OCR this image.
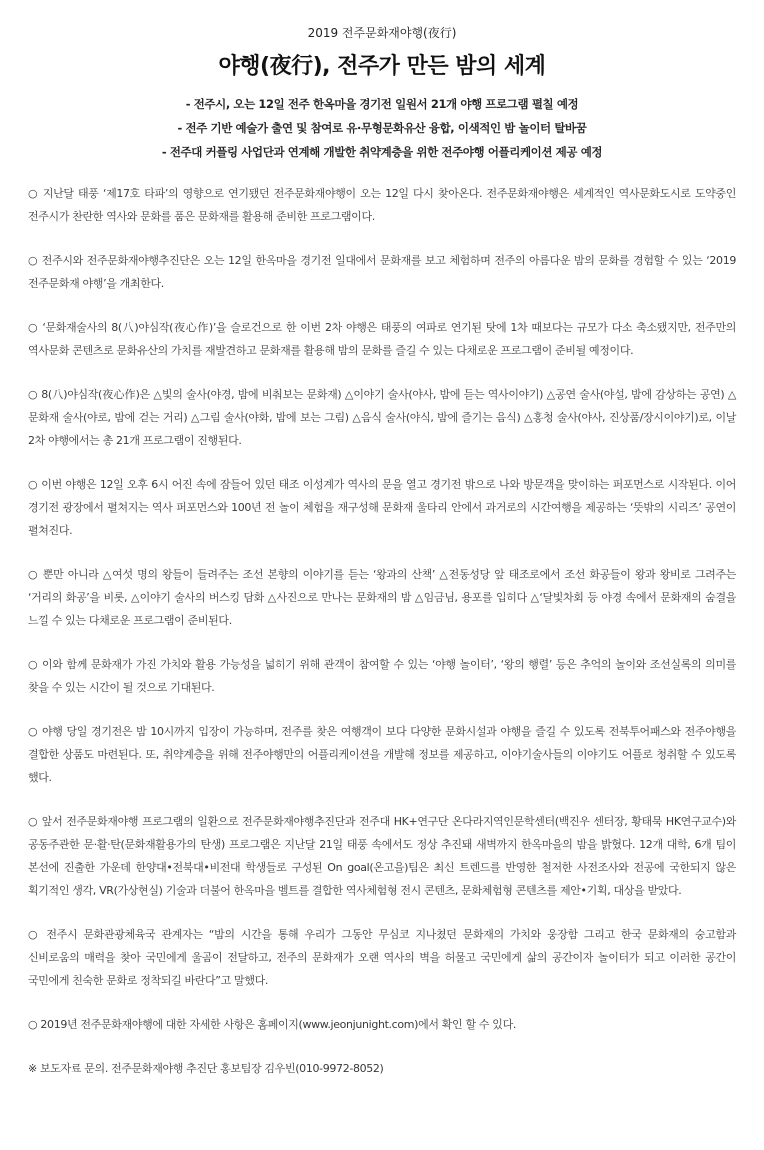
2019 전주문화재야행(夜行)
야행(夜行), 전주가 만든 밤의 세계
- 전주시, 오는 12일 전주 한옥마을 경기전 일원서 21개 야행 프로그램 펼칠 예정
- 전주 기반 예술가 출연 및 참여로 유·무형문화유산 융합, 이색적인 밤 놀이터 탈바꿈
- 전주대 커플링 사업단과 연계해 개발한 취약계층을 위한 전주야행 어플리케이션 제공 예정

○ 지난달 태풍 ‘제17호 타파’의 영향으로 연기됐던 전주문화재야행이 오는 12일 다시 찾아온다. 전주문화재야행은 세계적인 역사문화도시로 도약중인 전주시가 찬란한 역사와 문화를 품은 문화재를 활용해 준비한 프로그램이다.

○ 전주시와 전주문화재야행추진단은 오는 12일 한옥마을 경기전 일대에서 문화재를 보고 체험하며 전주의 아름다운 밤의 문화를 경험할 수 있는 ‘2019 전주문화재 야행’을 개최한다.

○ ‘문화재술사의 8(八)야심작(夜心作)’을 슬로건으로 한 이번 2차 야행은 태풍의 여파로 연기된 탓에 1차 때보다는 규모가 다소 축소됐지만, 전주만의 역사문화 콘텐츠로 문화유산의 가치를 재발견하고 문화재를 활용해 밤의 문화를 즐길 수 있는 다채로운 프로그램이 준비될 예정이다.

○ 8(八)야심작(夜心作)은 △빛의 술사(야경, 밤에 비춰보는 문화재) △이야기 술사(야사, 밤에 듣는 역사이야기) △공연 술사(야설, 밤에 감상하는 공연) △문화재 술사(야로, 밤에 걷는 거리) △그림 술사(야화, 밤에 보는 그림) △음식 술사(야식, 밤에 즐기는 음식) △홍청 술사(야사, 진상품/장시이야기)로, 이날 2차 야행에서는 총 21개 프로그램이 진행된다.

○ 이번 야행은 12일 오후 6시 어진 속에 잠들어 있던 태조 이성계가 역사의 문을 열고 경기전 밖으로 나와 방문객을 맞이하는 퍼포먼스로 시작된다. 이어 경기전 광장에서 펼쳐지는 역사 퍼포먼스와 100년 전 놀이 체험을 재구성해 문화재 울타리 안에서 과거로의 시간여행을 제공하는 ‘뜻밖의 시리즈’ 공연이 펼쳐진다.

○ 뿐만 아니라 △여섯 명의 왕들이 들려주는 조선 본향의 이야기를 듣는 ‘왕과의 산책’ △전동성당 앞 태조로에서 조선 화공들이 왕과 왕비로 그려주는 ‘거리의 화공’을 비롯, △이야기 술사의 버스킹 담화 △사진으로 만나는 문화재의 밤 △임금님, 용포를 입히다 △‘달빛차회 등 야경 속에서 문화재의 숨결을 느낄 수 있는 다채로운 프로그램이 준비된다.

○ 이와 함께 문화재가 가진 가치와 활용 가능성을 넓히기 위해 관객이 참여할 수 있는 ‘야행 놀이터’, ‘왕의 행렬’ 등은 추억의 놀이와 조선실록의 의미를 찾을 수 있는 시간이 될 것으로 기대된다.

○ 야행 당일 경기전은 밤 10시까지 입장이 가능하며, 전주를 찾은 여행객이 보다 다양한 문화시설과 야행을 즐길 수 있도록 전북투어패스와 전주야행을 결합한 상품도 마련된다. 또, 취약계층을 위해 전주야행만의 어플리케이션을 개발해 정보를 제공하고, 이야기술사들의 이야기도 어플로 청취할 수 있도록 했다.

○ 앞서 전주문화재야행 프로그램의 일환으로 전주문화재야행추진단과 전주대 HK+연구단 온다라지역인문학센터(백진우 센터장, 황태묵 HK연구교수)와 공동주관한 문·활·탄(문화재활용가의 탄생) 프로그램은 지난달 21일 태풍 속에서도 정상 추진돼 새벽까지 한옥마을의 밤을 밝혔다. 12개 대학, 6개 팀이 본선에 진출한 가운데 한양대•전북대•비전대 학생들로 구성된 On goal(온고을)팀은 최신 트렌드를 반영한 철저한 사전조사와 전공에 국한되지 않은 획기적인 생각, VR(가상현실) 기술과 더불어 한옥마을 벨트를 결합한 역사체험형 전시 콘텐츠, 문화체험형 콘텐츠를 제안•기획, 대상을 받았다.

○ 전주시 문화관광체육국 관계자는 “밤의 시간을 통해 우리가 그동안 무심코 지나쳤던 문화재의 가치와 웅장함 그리고 한국 문화재의 숭고함과 신비로움의 매력을 찾아 국민에게 울곰이 전달하고, 전주의 문화재가 오랜 역사의 벽을 허물고 국민에게 삶의 공간이자 놀이터가 되고 이러한 공간이 국민에게 친숙한 문화로 정착되길 바란다”고 말했다.

○ 2019년 전주문화재야행에 대한 자세한 사항은 홈페이지(www.jeonjunight.com)에서 확인 할 수 있다.

※ 보도자료 문의. 전주문화재야행 추진단 홍보팀장 김우빈(010-9972-8052)
